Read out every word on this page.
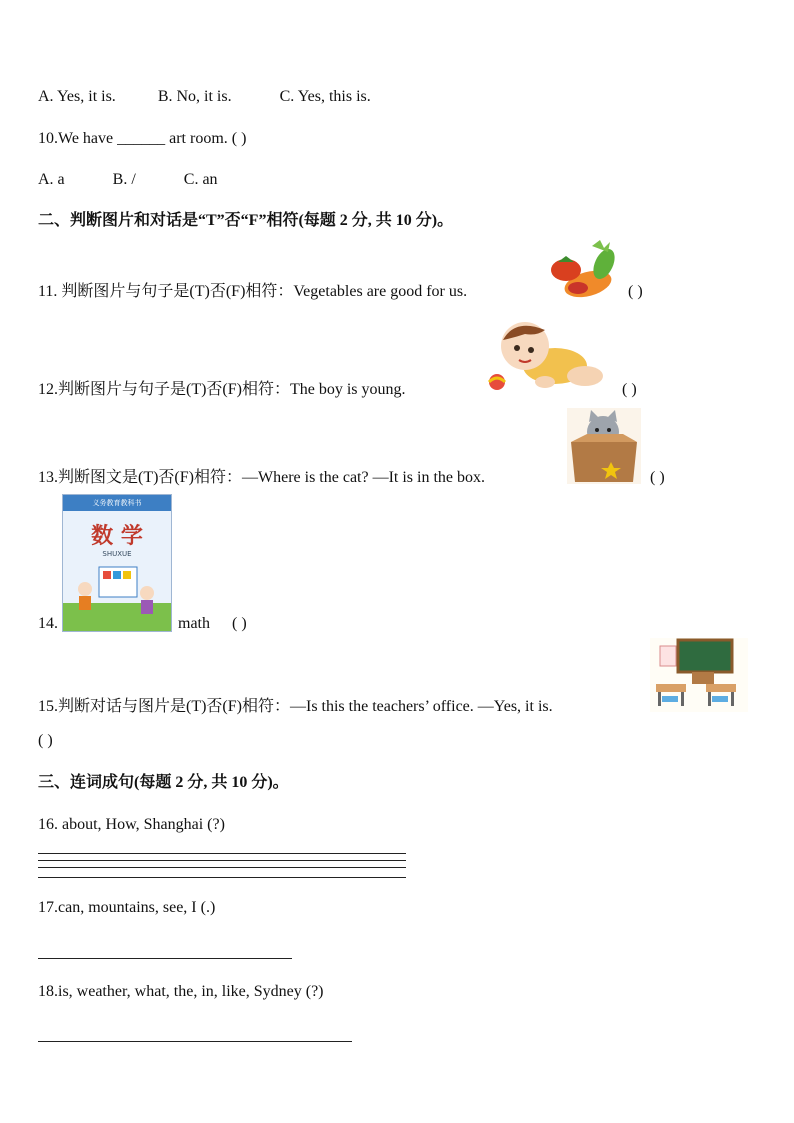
A. Yes, it is.	B. No, it is.	C. Yes, this is.
10.We have ______ art room. ( )
A. a	B. /	C. an
二、判断图片和对话是“T”否“F”相符(每题 2 分, 共 10 分)。
11. 判断图片与句子是(T)否(F)相符：Vegetables are good for us.	( )
12.判断图片与句子是(T)否(F)相符：The boy is young.	( )
13.判断图文是(T)否(F)相符：—Where is the cat? —It is in the box.	( )
14.
义务教育教科书
数 学
SHUXUE
math ( )
15.判断对话与图片是(T)否(F)相符：—Is this the teachers’ office. —Yes, it is.
( )
三、连词成句(每题 2 分, 共 10 分)。
16. about, How, Shanghai (?)
17.can, mountains, see, I (.)
18.is, weather, what, the, in, like, Sydney (?)
